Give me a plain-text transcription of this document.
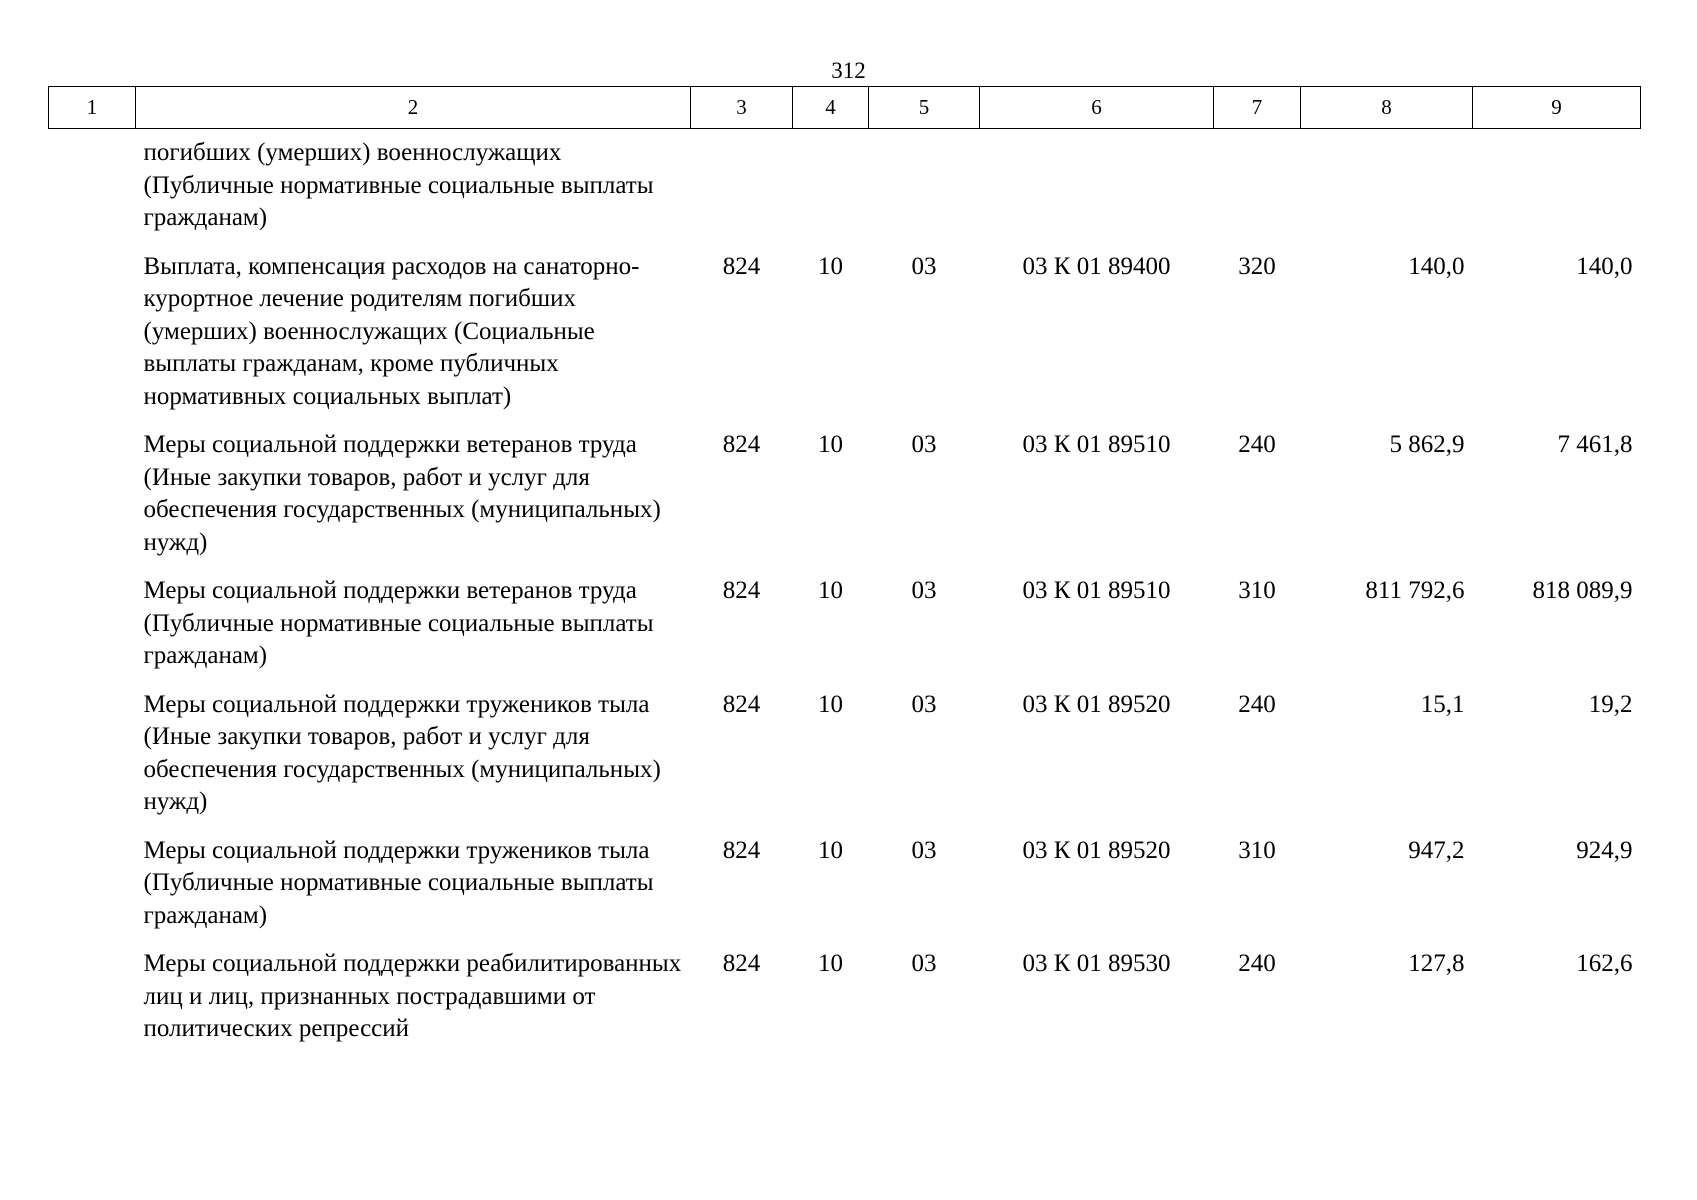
312
1	2	3	4	5	6	7	8	9
	погибших (умерших) военнослужащих (Публичные нормативные социальные выплаты гражданам)							
	Выплата, компенсация расходов на санаторно-курортное лечение родителям погибших (умерших) военнослужащих (Социальные выплаты гражданам, кроме публичных нормативных социальных выплат)	824	10	03	03 К 01 89400	320	140,0	140,0
	Меры социальной поддержки ветеранов труда (Иные закупки товаров, работ и услуг для обеспечения государственных (муниципальных) нужд)	824	10	03	03 К 01 89510	240	5 862,9	7 461,8
	Меры социальной поддержки ветеранов труда (Публичные нормативные социальные выплаты гражданам)	824	10	03	03 К 01 89510	310	811 792,6	818 089,9
	Меры социальной поддержки тружеников тыла (Иные закупки товаров, работ и услуг для обеспечения государственных (муниципальных) нужд)	824	10	03	03 К 01 89520	240	15,1	19,2
	Меры социальной поддержки тружеников тыла (Публичные нормативные социальные выплаты гражданам)	824	10	03	03 К 01 89520	310	947,2	924,9
	Меры социальной поддержки реабилитированных лиц и лиц, признанных пострадавшими от политических репрессий	824	10	03	03 К 01 89530	240	127,8	162,6
